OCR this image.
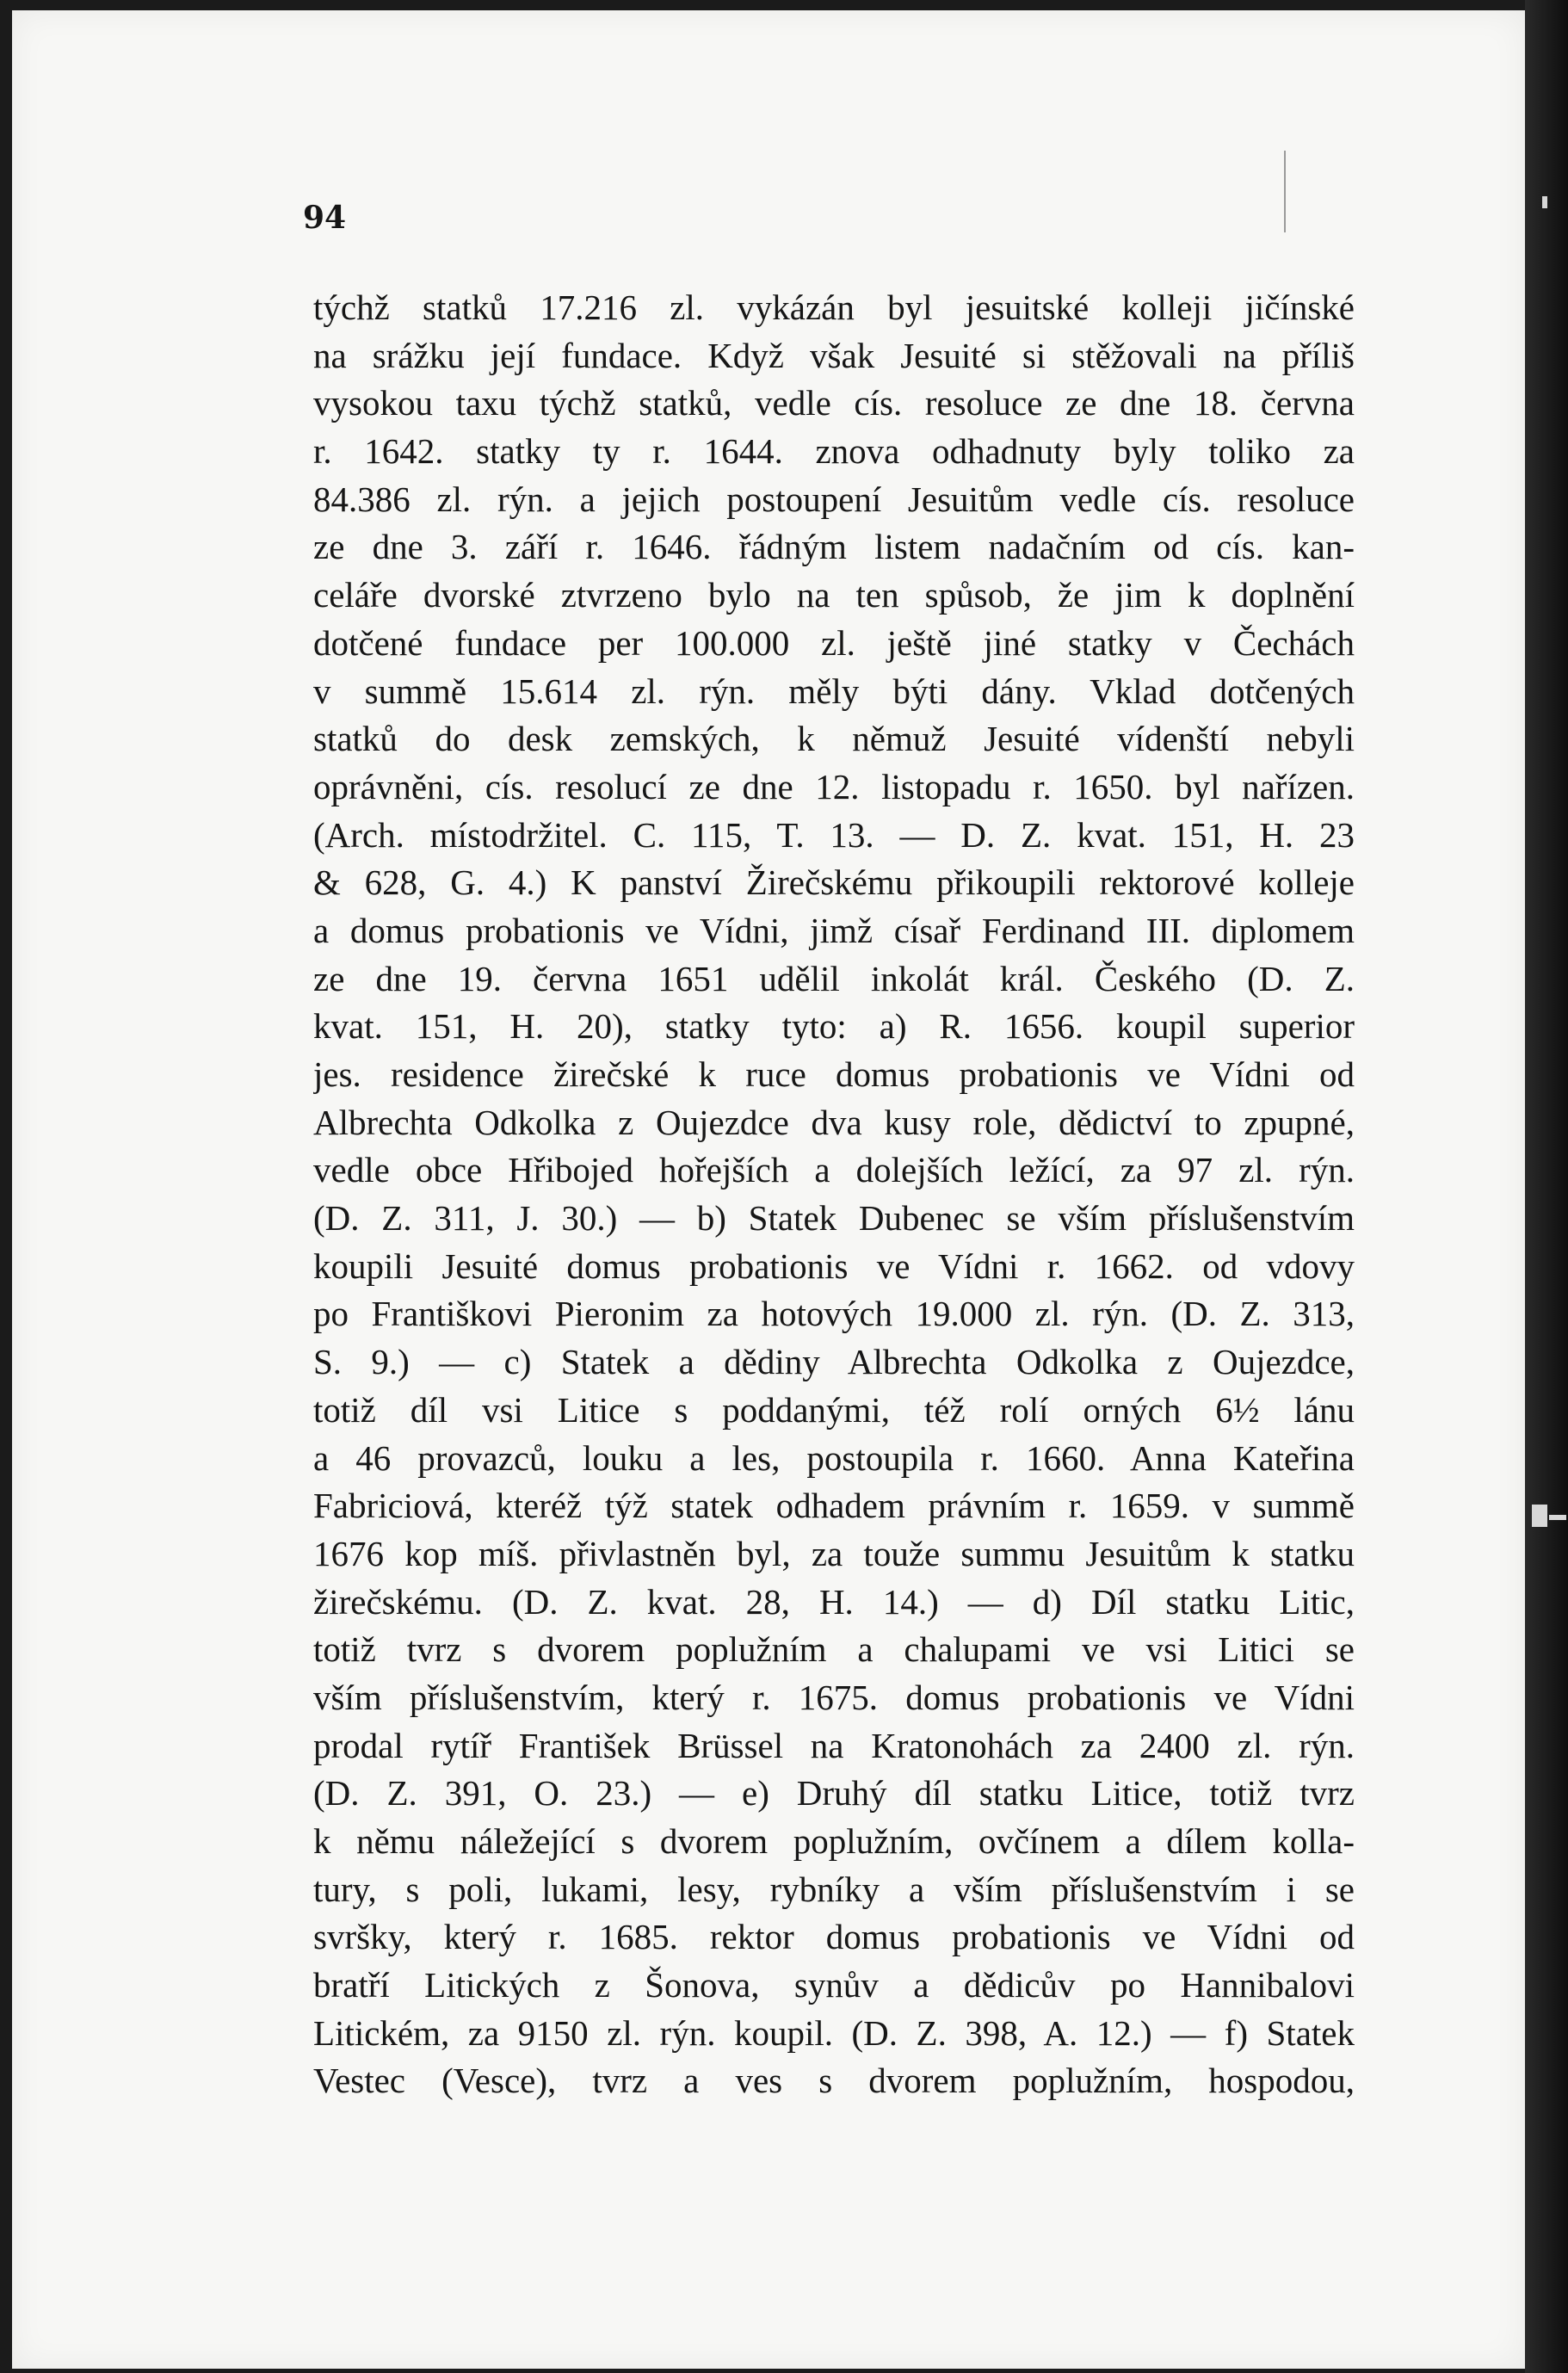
94

týchž statků 17.216 zl. vykázán byl jesuitské kolleji jičínské
na srážku její fundace. Když však Jesuité si stěžovali na příliš
vysokou taxu týchž statků, vedle cís. resoluce ze dne 18. června
r. 1642. statky ty r. 1644. znova odhadnuty byly toliko za
84.386 zl. rýn. a jejich postoupení Jesuitům vedle cís. resoluce
ze dne 3. září r. 1646. řádným listem nadačním od cís. kan-
celáře dvorské ztvrzeno bylo na ten spůsob, že jim k doplnění
dotčené fundace per 100.000 zl. ještě jiné statky v Čechách
v summě 15.614 zl. rýn. měly býti dány. Vklad dotčených
statků do desk zemských, k němuž Jesuité vídenští nebyli
oprávněni, cís. resolucí ze dne 12. listopadu r. 1650. byl nařízen.
(Arch. místodržitel. C. 115, T. 13. — D. Z. kvat. 151, H. 23
& 628, G. 4.) K panství Žirečskému přikoupili rektorové kolleje
a domus probationis ve Vídni, jimž císař Ferdinand III. diplomem
ze dne 19. června 1651 udělil inkolát král. Českého (D. Z.
kvat. 151, H. 20), statky tyto: a) R. 1656. koupil superior
jes. residence žirečské k ruce domus probationis ve Vídni od
Albrechta Odkolka z Oujezdce dva kusy role, dědictví to zpupné,
vedle obce Hřibojed hořejších a dolejších ležící, za 97 zl. rýn.
(D. Z. 311, J. 30.) — b) Statek Dubenec se vším příslušenstvím
koupili Jesuité domus probationis ve Vídni r. 1662. od vdovy
po Františkovi Pieronim za hotových 19.000 zl. rýn. (D. Z. 313,
S. 9.) — c) Statek a dědiny Albrechta Odkolka z Oujezdce,
totiž díl vsi Litice s poddanými, též rolí orných 6½ lánu
a 46 provazců, louku a les, postoupila r. 1660. Anna Kateřina
Fabriciová, kteréž týž statek odhadem právním r. 1659. v summě
1676 kop míš. přivlastněn byl, za touže summu Jesuitům k statku
žirečskému. (D. Z. kvat. 28, H. 14.) — d) Díl statku Litic,
totiž tvrz s dvorem poplužním a chalupami ve vsi Litici se
vším příslušenstvím, který r. 1675. domus probationis ve Vídni
prodal rytíř František Brüssel na Kratonohách za 2400 zl. rýn.
(D. Z. 391, O. 23.) — e) Druhý díl statku Litice, totiž tvrz
k němu náležející s dvorem poplužním, ovčínem a dílem kolla-
tury, s poli, lukami, lesy, rybníky a vším příslušenstvím i se
svršky, který r. 1685. rektor domus probationis ve Vídni od
bratří Litických z Šonova, synův a dědicův po Hannibalovi
Litickém, za 9150 zl. rýn. koupil. (D. Z. 398, A. 12.) — f) Statek
Vestec (Vesce), tvrz a ves s dvorem poplužním, hospodou,
